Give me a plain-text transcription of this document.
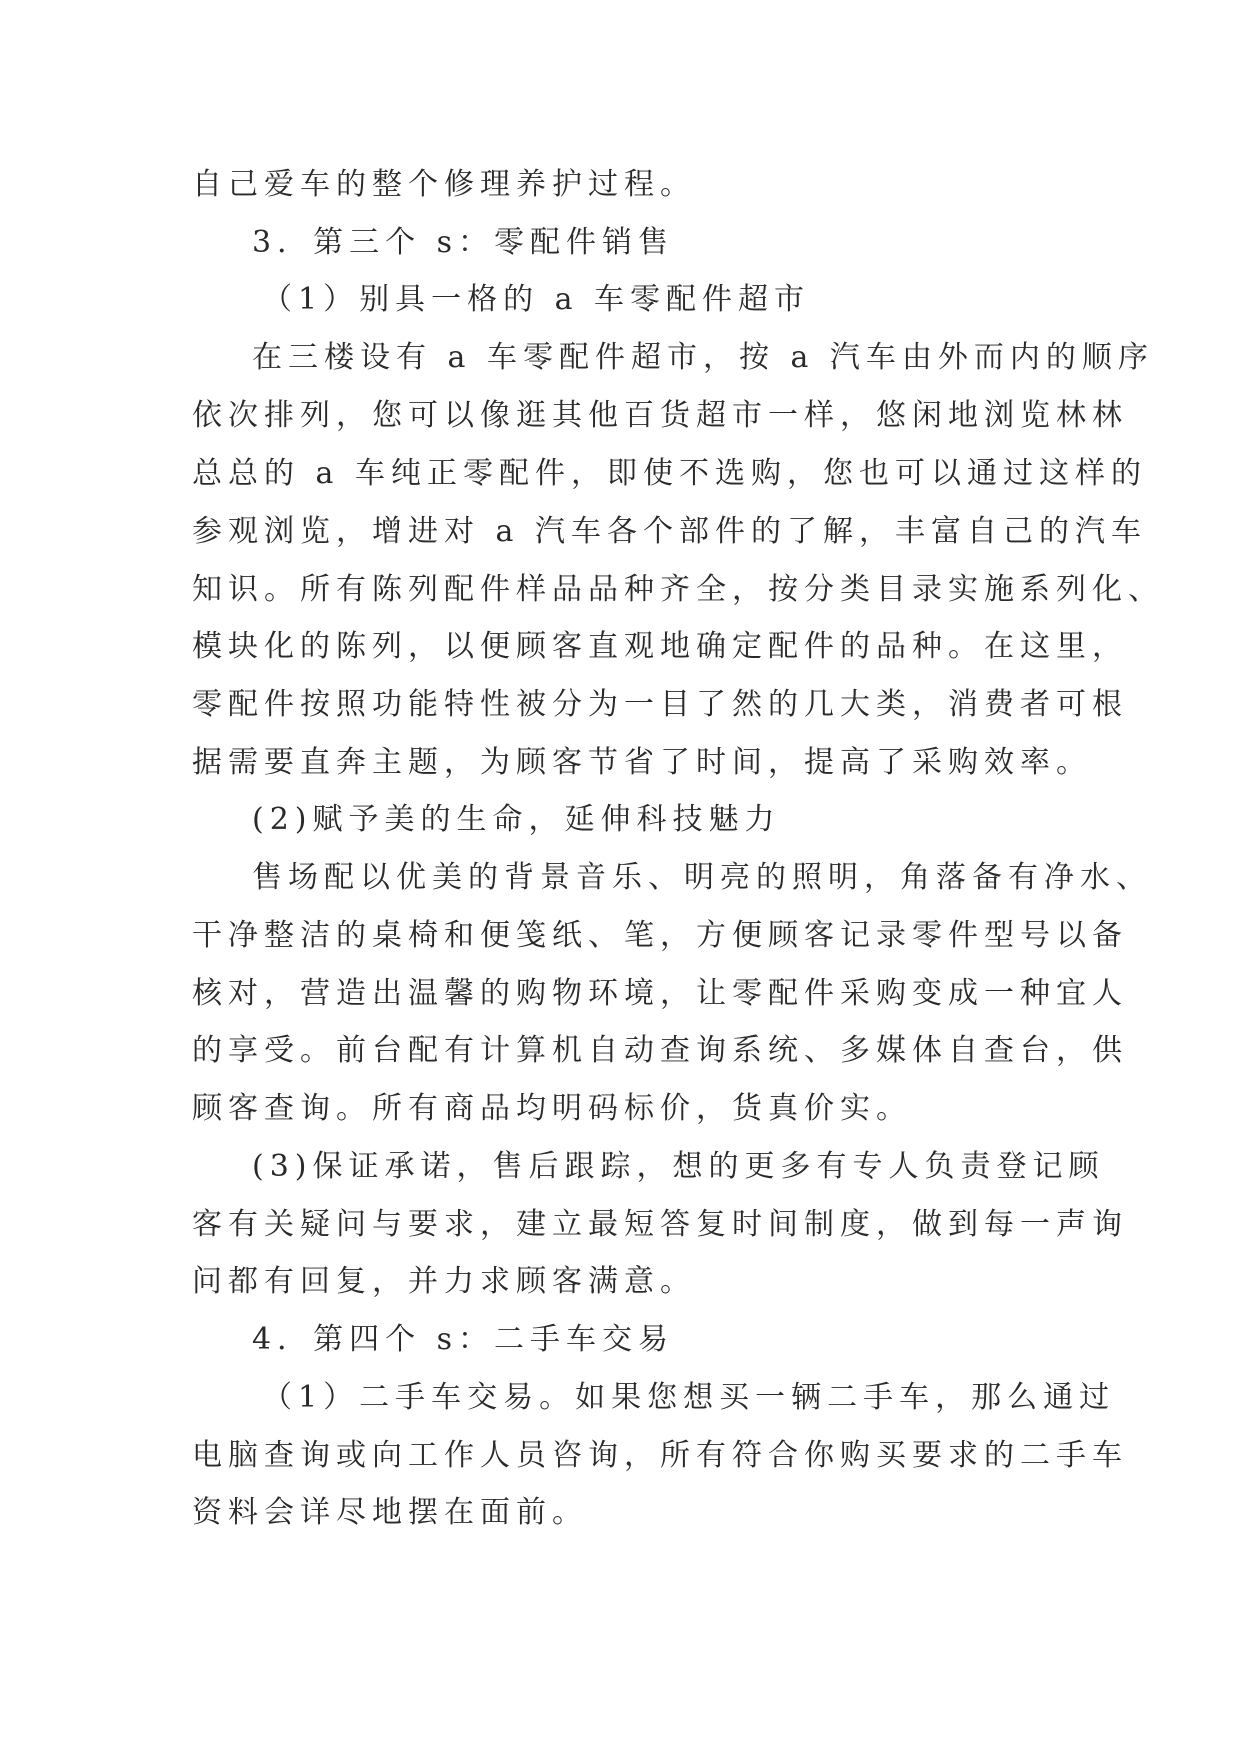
自己爱车的整个修理养护过程。

3．第三个 s：零配件销售

（1）别具一格的 a 车零配件超市

在三楼设有 a 车零配件超市，按 a 汽车由外而内的顺序

依次排列，您可以像逛其他百货超市一样，悠闲地浏览林林

总总的 a 车纯正零配件，即使不选购，您也可以通过这样的

参观浏览，增进对 a 汽车各个部件的了解，丰富自己的汽车

知识。所有陈列配件样品品种齐全，按分类目录实施系列化、

模块化的陈列，以便顾客直观地确定配件的品种。在这里，

零配件按照功能特性被分为一目了然的几大类，消费者可根

据需要直奔主题，为顾客节省了时间，提高了采购效率。

(2)赋予美的生命，延伸科技魅力

售场配以优美的背景音乐、明亮的照明，角落备有净水、

干净整洁的桌椅和便笺纸、笔，方便顾客记录零件型号以备

核对，营造出温馨的购物环境，让零配件采购变成一种宜人

的享受。前台配有计算机自动查询系统、多媒体自查台，供

顾客查询。所有商品均明码标价，货真价实。

(3)保证承诺，售后跟踪，想的更多有专人负责登记顾

客有关疑问与要求，建立最短答复时间制度，做到每一声询

问都有回复，并力求顾客满意。

4．第四个 s：二手车交易

（1）二手车交易。如果您想买一辆二手车，那么通过

电脑查询或向工作人员咨询，所有符合你购买要求的二手车

资料会详尽地摆在面前。
